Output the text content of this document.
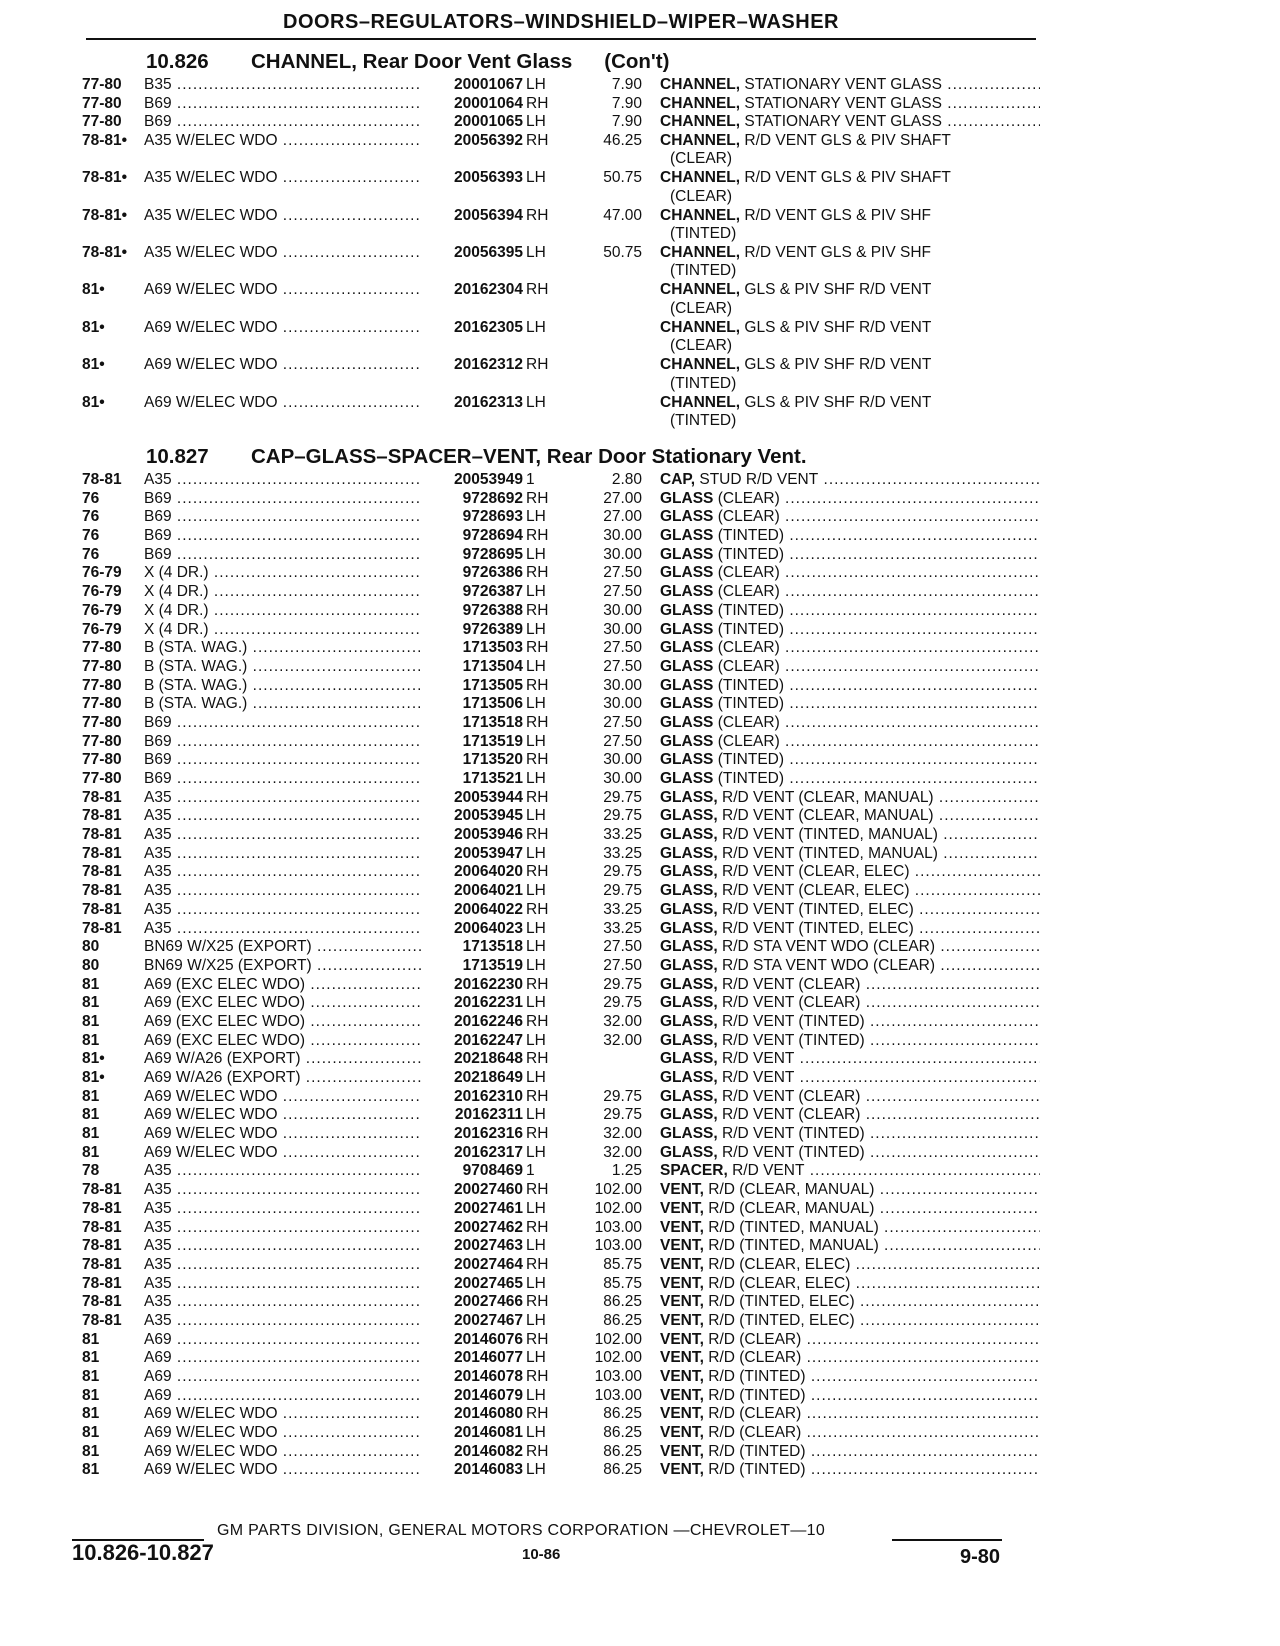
DOORS–REGULATORS–WINDSHIELD–WIPER–WASHER
10.826 CHANNEL, Rear Door Vent Glass (Con't)
77-80	B35 .....	20001067 LH	7.90 CHANNEL, STATIONARY VENT GLASS .....
77-80	B69 .....	20001064 RH	7.90 CHANNEL, STATIONARY VENT GLASS .....
77-80	B69 .....	20001065 LH	7.90 CHANNEL, STATIONARY VENT GLASS .....
78-81•	A35 W/ELEC WDO .....	20056392 RH	46.25 CHANNEL, R/D VENT GLS & PIV SHAFT
(CLEAR)
.....
78-81•	A35 W/ELEC WDO .....	20056393 LH	50.75 CHANNEL, R/D VENT GLS & PIV SHAFT
(CLEAR)
.....
78-81•	A35 W/ELEC WDO .....	20056394 RH	47.00 CHANNEL, R/D VENT GLS & PIV SHF
(TINTED)
.....
78-81•	A35 W/ELEC WDO .....	20056395 LH	50.75 CHANNEL, R/D VENT GLS & PIV SHF
(TINTED)
.....
81•	A69 W/ELEC WDO .....	20162304 RH	CHANNEL, GLS & PIV SHF R/D VENT
(CLEAR)
.....
81•	A69 W/ELEC WDO .....	20162305 LH	CHANNEL, GLS & PIV SHF R/D VENT
(CLEAR)
.....
81•	A69 W/ELEC WDO .....	20162312 RH	CHANNEL, GLS & PIV SHF R/D VENT
(TINTED)
.....
81•	A69 W/ELEC WDO .....	20162313 LH	CHANNEL, GLS & PIV SHF R/D VENT
(TINTED)
.....
10.827 CAP–GLASS–SPACER–VENT, Rear Door Stationary Vent.
78-81	A35 .....	20053949 1	2.80 CAP, STUD R/D VENT .....
76	B69 .....	9728692 RH	27.00 GLASS (CLEAR) .....
76	B69 .....	9728693 LH	27.00 GLASS (CLEAR) .....
76	B69 .....	9728694 RH	30.00 GLASS (TINTED) .....
76	B69 .....	9728695 LH	30.00 GLASS (TINTED) .....
76-79	X (4 DR.) .....	9726386 RH	27.50 GLASS (CLEAR) .....
76-79	X (4 DR.) .....	9726387 LH	27.50 GLASS (CLEAR) .....
76-79	X (4 DR.) .....	9726388 RH	30.00 GLASS (TINTED) .....
76-79	X (4 DR.) .....	9726389 LH	30.00 GLASS (TINTED) .....
77-80	B (STA. WAG.) .....	1713503 RH	27.50 GLASS (CLEAR) .....
77-80	B (STA. WAG.) .....	1713504 LH	27.50 GLASS (CLEAR) .....
77-80	B (STA. WAG.) .....	1713505 RH	30.00 GLASS (TINTED) .....
77-80	B (STA. WAG.) .....	1713506 LH	30.00 GLASS (TINTED) .....
77-80	B69 .....	1713518 RH	27.50 GLASS (CLEAR) .....
77-80	B69 .....	1713519 LH	27.50 GLASS (CLEAR) .....
77-80	B69 .....	1713520 RH	30.00 GLASS (TINTED) .....
77-80	B69 .....	1713521 LH	30.00 GLASS (TINTED) .....
78-81	A35 .....	20053944 RH	29.75 GLASS, R/D VENT (CLEAR, MANUAL) .....
78-81	A35 .....	20053945 LH	29.75 GLASS, R/D VENT (CLEAR, MANUAL) .....
78-81	A35 .....	20053946 RH	33.25 GLASS, R/D VENT (TINTED, MANUAL) .....
78-81	A35 .....	20053947 LH	33.25 GLASS, R/D VENT (TINTED, MANUAL) .....
78-81	A35 .....	20064020 RH	29.75 GLASS, R/D VENT (CLEAR, ELEC) .....
78-81	A35 .....	20064021 LH	29.75 GLASS, R/D VENT (CLEAR, ELEC) .....
78-81	A35 .....	20064022 RH	33.25 GLASS, R/D VENT (TINTED, ELEC) .....
78-81	A35 .....	20064023 LH	33.25 GLASS, R/D VENT (TINTED, ELEC) .....
80	BN69 W/X25 (EXPORT) .....	1713518 LH	27.50 GLASS, R/D STA VENT WDO (CLEAR) .....
80	BN69 W/X25 (EXPORT) .....	1713519 LH	27.50 GLASS, R/D STA VENT WDO (CLEAR) .....
81	A69 (EXC ELEC WDO) .....	20162230 RH	29.75 GLASS, R/D VENT (CLEAR) .....
81	A69 (EXC ELEC WDO) .....	20162231 LH	29.75 GLASS, R/D VENT (CLEAR) .....
81	A69 (EXC ELEC WDO) .....	20162246 RH	32.00 GLASS, R/D VENT (TINTED) .....
81	A69 (EXC ELEC WDO) .....	20162247 LH	32.00 GLASS, R/D VENT (TINTED) .....
81•	A69 W/A26 (EXPORT) .....	20218648 RH	GLASS, R/D VENT .....
81•	A69 W/A26 (EXPORT) .....	20218649 LH	GLASS, R/D VENT .....
81	A69 W/ELEC WDO .....	20162310 RH	29.75 GLASS, R/D VENT (CLEAR) .....
81	A69 W/ELEC WDO .....	20162311 LH	29.75 GLASS, R/D VENT (CLEAR) .....
81	A69 W/ELEC WDO .....	20162316 RH	32.00 GLASS, R/D VENT (TINTED) .....
81	A69 W/ELEC WDO .....	20162317 LH	32.00 GLASS, R/D VENT (TINTED) .....
78	A35 .....	9708469 1	1.25 SPACER, R/D VENT .....
78-81	A35 .....	20027460 RH	102.00 VENT, R/D (CLEAR, MANUAL) .....
78-81	A35 .....	20027461 LH	102.00 VENT, R/D (CLEAR, MANUAL) .....
78-81	A35 .....	20027462 RH	103.00 VENT, R/D (TINTED, MANUAL) .....
78-81	A35 .....	20027463 LH	103.00 VENT, R/D (TINTED, MANUAL) .....
78-81	A35 .....	20027464 RH	85.75 VENT, R/D (CLEAR, ELEC) .....
78-81	A35 .....	20027465 LH	85.75 VENT, R/D (CLEAR, ELEC) .....
78-81	A35 .....	20027466 RH	86.25 VENT, R/D (TINTED, ELEC) .....
78-81	A35 .....	20027467 LH	86.25 VENT, R/D (TINTED, ELEC) .....
81	A69 .....	20146076 RH	102.00 VENT, R/D (CLEAR) .....
81	A69 .....	20146077 LH	102.00 VENT, R/D (CLEAR) .....
81	A69 .....	20146078 RH	103.00 VENT, R/D (TINTED) .....
81	A69 .....	20146079 LH	103.00 VENT, R/D (TINTED) .....
81	A69 W/ELEC WDO .....	20146080 RH	86.25 VENT, R/D (CLEAR) .....
81	A69 W/ELEC WDO .....	20146081 LH	86.25 VENT, R/D (CLEAR) .....
81	A69 W/ELEC WDO .....	20146082 RH	86.25 VENT, R/D (TINTED) .....
81	A69 W/ELEC WDO .....	20146083 LH	86.25 VENT, R/D (TINTED) .....
GM PARTS DIVISION, GENERAL MOTORS CORPORATION —CHEVROLET—10
10.826-10.827	10-86	9-80
